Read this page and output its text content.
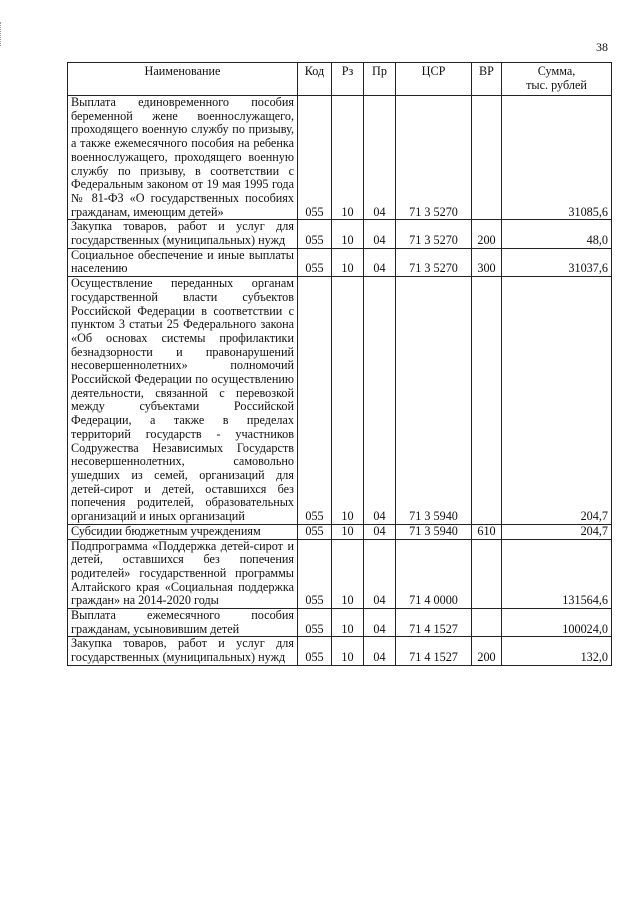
38
Наименование	Код	Рз	Пр	ЦСР	ВР	Сумма,
тыс. рублей
Выплата единовременного пособия беременной жене военнослужащего, проходящего военную службу по призыву, а также ежемесячного пособия на ребенка военнослужащего, проходящего военную службу по призыву, в соответствии с Федеральным законом от 19 мая 1995 года № 81-ФЗ «О государственных пособиях гражданам, имеющим детей»	055	10	04	71 3 5270		31085,6
Закупка товаров, работ и услуг для государственных (муниципальных) нужд	055	10	04	71 3 5270	200	48,0
Социальное обеспечение и иные выплаты населению	055	10	04	71 3 5270	300	31037,6
Осуществление переданных органам государственной власти субъектов Российской Федерации в соответствии с пунктом 3 статьи 25 Федерального закона «Об основах системы профилактики безнадзорности и правонарушений несовершеннолетних» полномочий Российской Федерации по осуществлению деятельности, связанной с перевозкой между субъектами Российской Федерации, а также в пределах территорий государств - участников Содружества Независимых Государств несовершеннолетних, самовольно ушедших из семей, организаций для детей-сирот и детей, оставшихся без попечения родителей, образовательных организаций и иных организаций	055	10	04	71 3 5940		204,7
Субсидии бюджетным учреждениям	055	10	04	71 3 5940	610	204,7
Подпрограмма «Поддержка детей-сирот и детей, оставшихся без попечения родителей» государственной программы Алтайского края «Социальная поддержка граждан» на 2014-2020 годы	055	10	04	71 4 0000		131564,6
Выплата ежемесячного пособия гражданам, усыновившим детей	055	10	04	71 4 1527		100024,0
Закупка товаров, работ и услуг для государственных (муниципальных) нужд	055	10	04	71 4 1527	200	132,0
